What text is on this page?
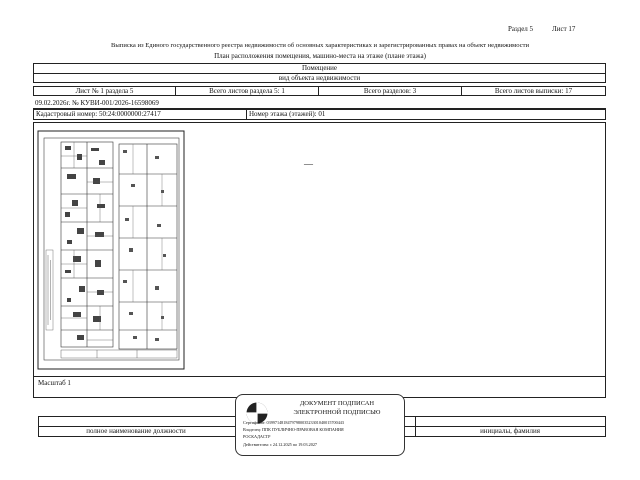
Раздел 5	Лист 17
Выписка из Единого государственного реестра недвижимости об основных характеристиках и зарегистрированных правах на объект недвижимости
План расположения помещения, машино-места на этаже (плане этажа)
Помещение
вид объекта недвижимости
Лист № 1 раздела 5	Всего листов раздела 5: 1	Всего разделов: 3	Всего листов выписки: 17
09.02.2026г. № КУВИ-001/2026-16598069
Кадастровый номер: 50:24:0000000:27417	Номер этажа (этажей): 01
—
Масштаб 1
полное наименование должности	инициалы, фамилия
ДОКУМЕНТ ПОДПИСАН
ЭЛЕКТРОННОЙ ПОДПИСЬЮ
Сертификат: 0399714818479798003523301040015700443
Владелец: ППК ПУБЛИЧНО-ПРАВОВАЯ КОМПАНИЯ
РОСКАДАСТР
Действителен: с 24.12.2025 по 19.03.2027
